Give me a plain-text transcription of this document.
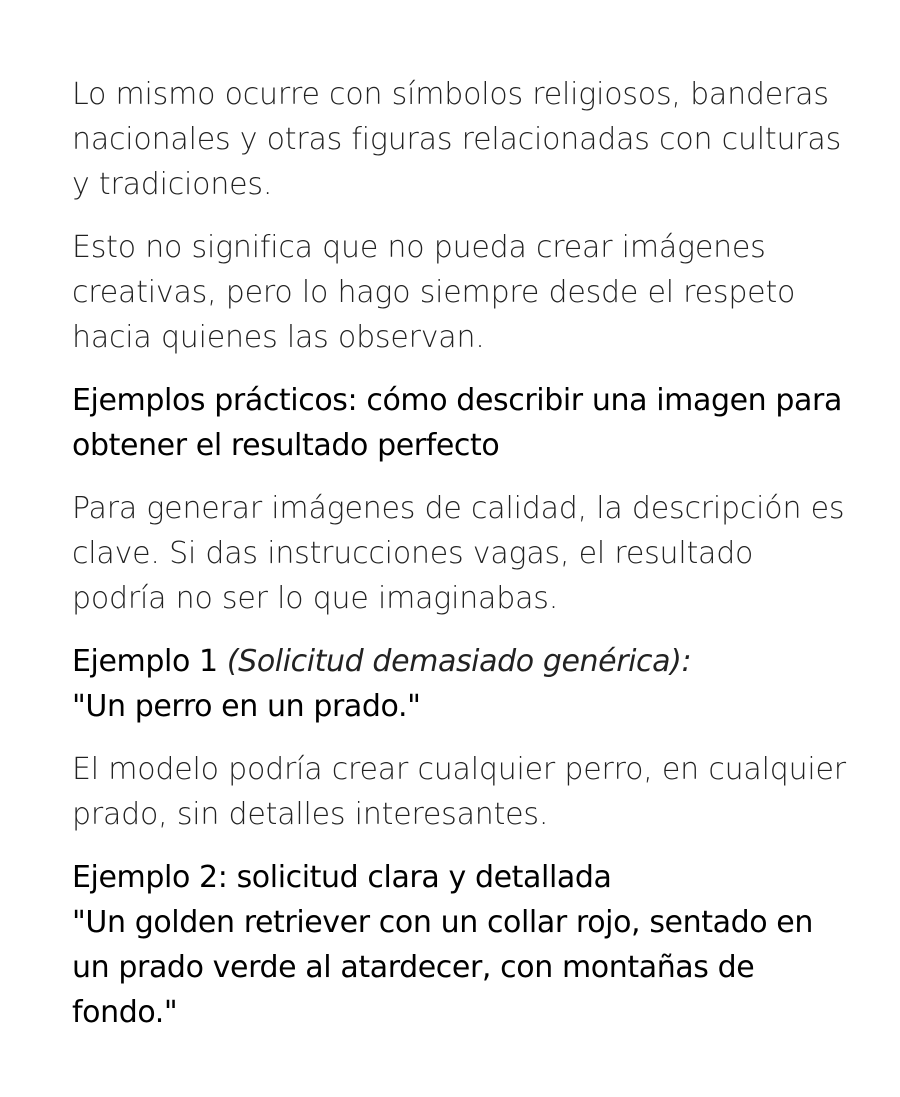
Lo mismo ocurre con símbolos religiosos, banderas nacionales y otras figuras relacionadas con culturas y tradiciones.

Esto no significa que no pueda crear imágenes creativas, pero lo hago siempre desde el respeto hacia quienes las observan.

Ejemplos prácticos: cómo describir una imagen para obtener el resultado perfecto

Para generar imágenes de calidad, la descripción es clave. Si das instrucciones vagas, el resultado podría no ser lo que imaginabas.

Ejemplo 1 (Solicitud demasiado genérica):
"Un perro en un prado."

El modelo podría crear cualquier perro, en cualquier prado, sin detalles interesantes.

Ejemplo 2: solicitud clara y detallada
"Un golden retriever con un collar rojo, sentado en un prado verde al atardecer, con montañas de fondo."
